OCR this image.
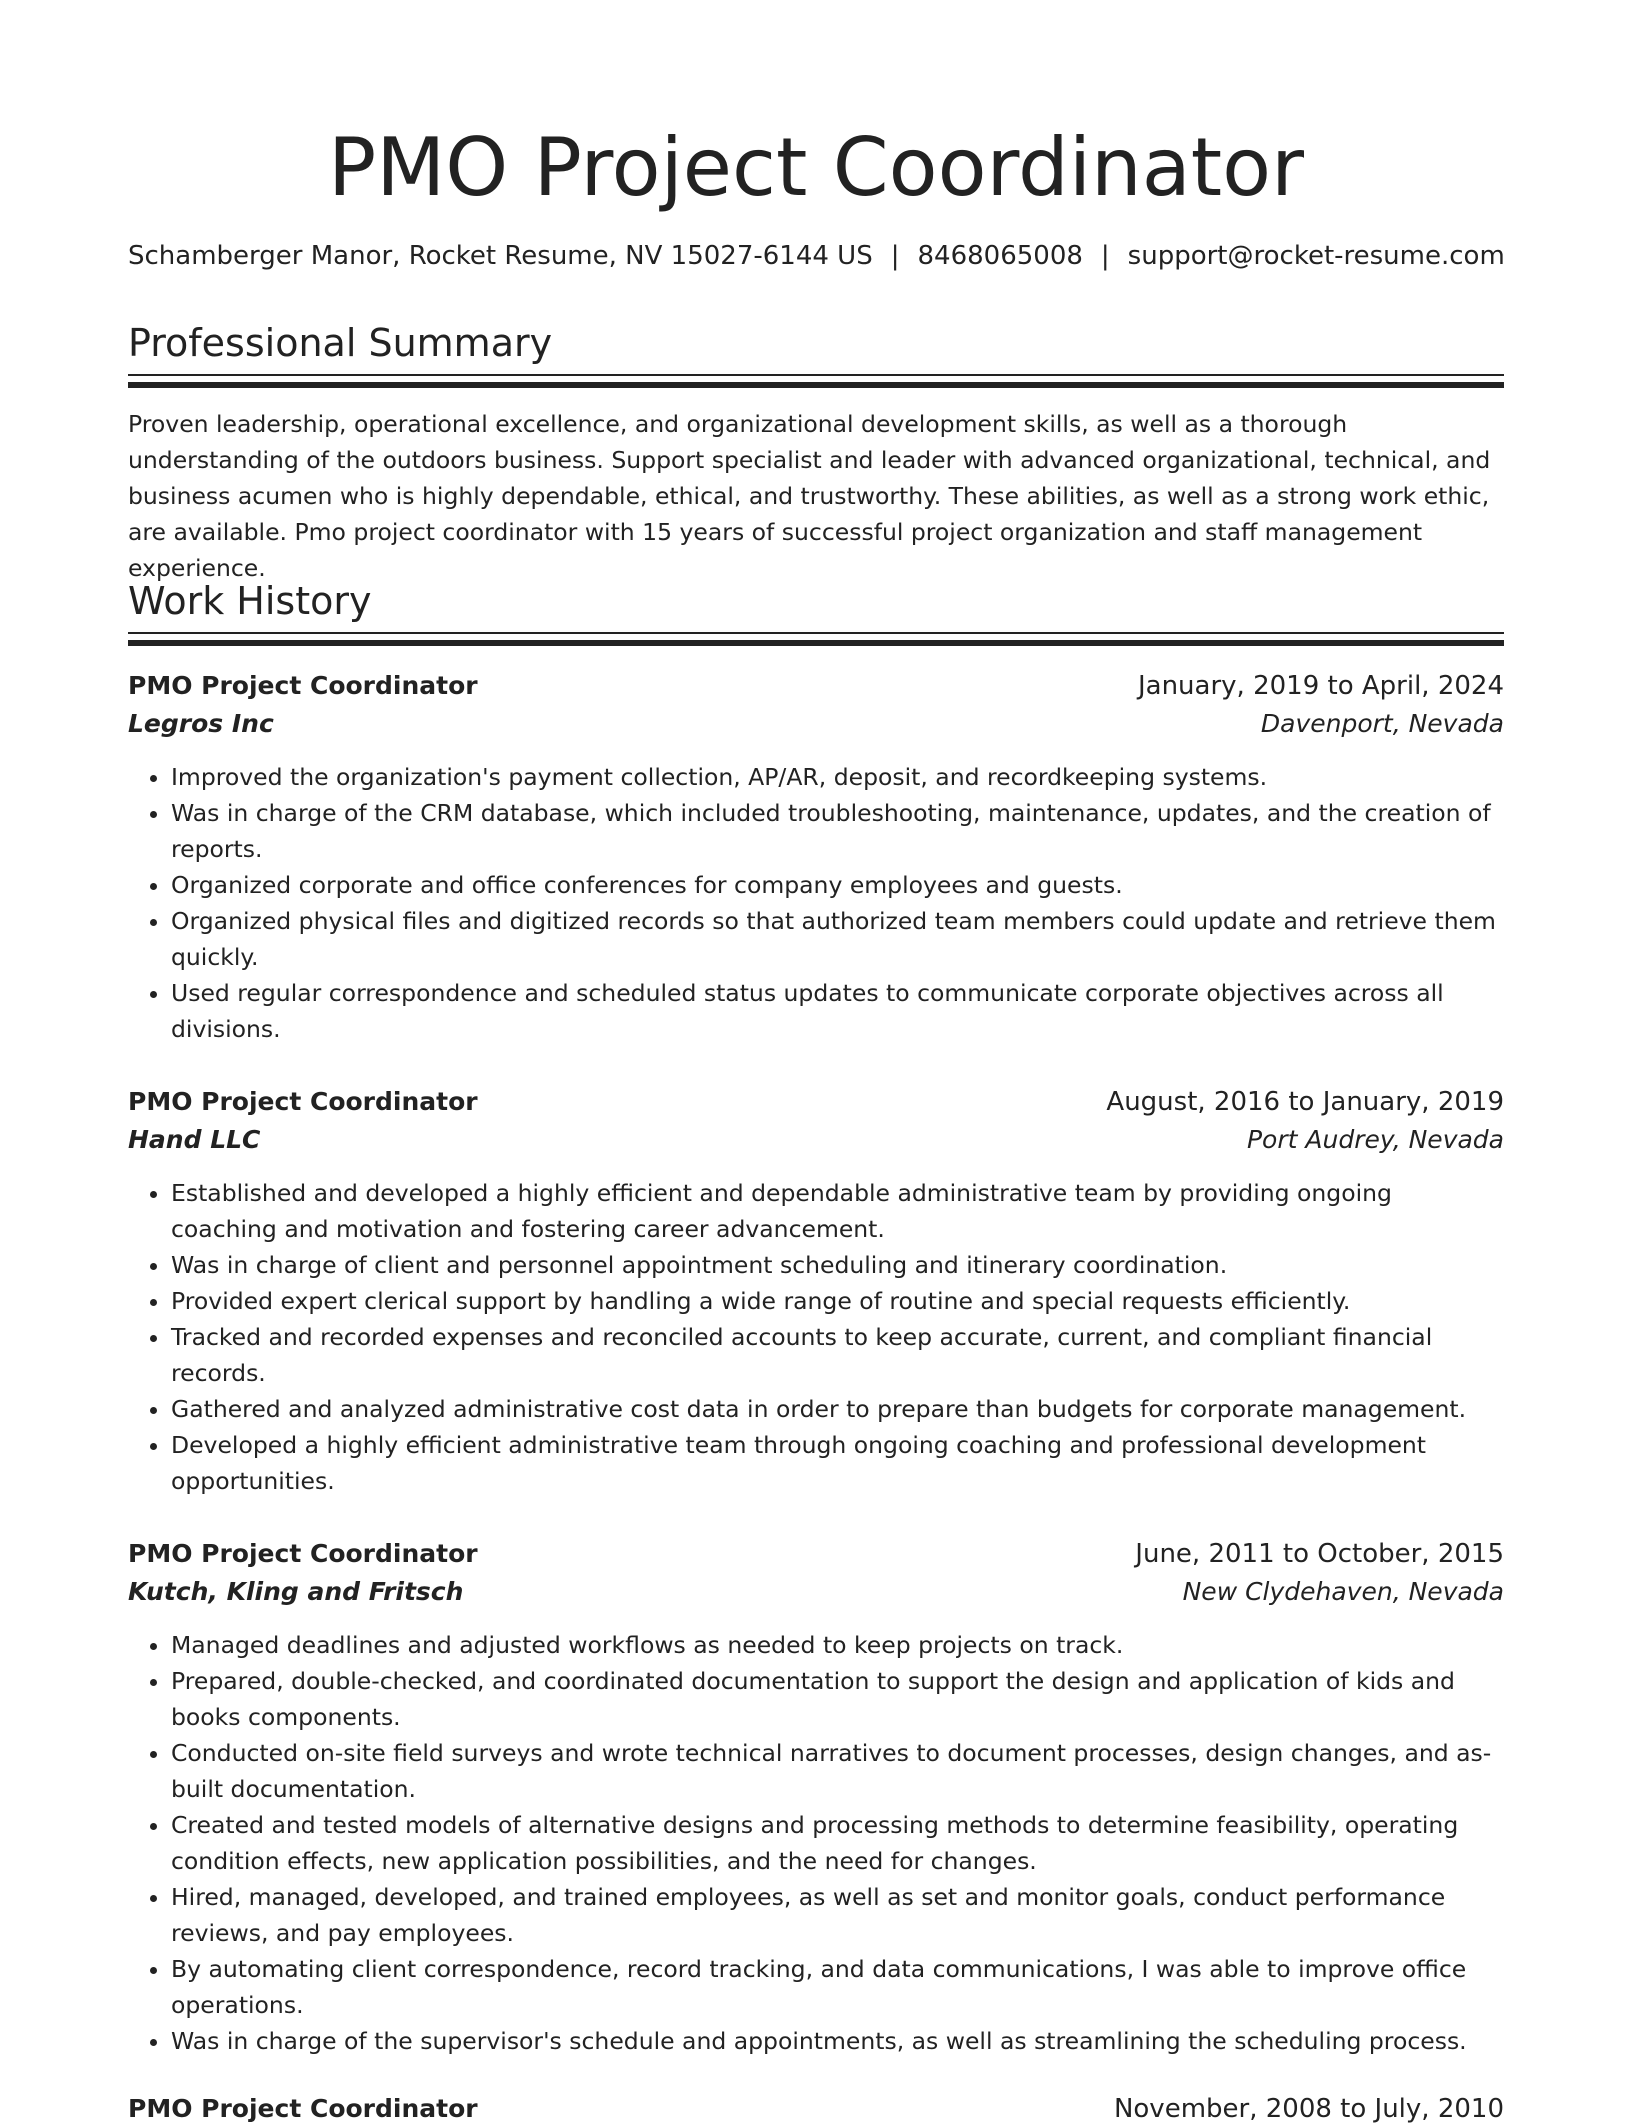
PMO Project Coordinator
Schamberger Manor, Rocket Resume, NV 15027-6144 US | 8468065008 | support@rocket-resume.com
Professional Summary

Proven leadership, operational excellence, and organizational development skills, as well as a thorough understanding of the outdoors business. Support specialist and leader with advanced organizational, technical, and business acumen who is highly dependable, ethical, and trustworthy. These abilities, as well as a strong work ethic, are available. Pmo project coordinator with 15 years of successful project organization and staff management experience.

Work History
PMO Project Coordinator	January, 2019 to April, 2024
Legros Inc	Davenport, Nevada
• Improved the organization's payment collection, AP/AR, deposit, and recordkeeping systems.
• Was in charge of the CRM database, which included troubleshooting, maintenance, updates, and the creation of reports.
• Organized corporate and office conferences for company employees and guests.
• Organized physical files and digitized records so that authorized team members could update and retrieve them quickly.
• Used regular correspondence and scheduled status updates to communicate corporate objectives across all divisions.
PMO Project Coordinator	August, 2016 to January, 2019
Hand LLC	Port Audrey, Nevada
• Established and developed a highly efficient and dependable administrative team by providing ongoing coaching and motivation and fostering career advancement.
• Was in charge of client and personnel appointment scheduling and itinerary coordination.
• Provided expert clerical support by handling a wide range of routine and special requests efficiently.
• Tracked and recorded expenses and reconciled accounts to keep accurate, current, and compliant financial records.
• Gathered and analyzed administrative cost data in order to prepare than budgets for corporate management.
• Developed a highly efficient administrative team through ongoing coaching and professional development opportunities.
PMO Project Coordinator	June, 2011 to October, 2015
Kutch, Kling and Fritsch	New Clydehaven, Nevada
• Managed deadlines and adjusted workflows as needed to keep projects on track.
• Prepared, double-checked, and coordinated documentation to support the design and application of kids and books components.
• Conducted on-site field surveys and wrote technical narratives to document processes, design changes, and as-built documentation.
• Created and tested models of alternative designs and processing methods to determine feasibility, operating condition effects, new application possibilities, and the need for changes.
• Hired, managed, developed, and trained employees, as well as set and monitor goals, conduct performance reviews, and pay employees.
• By automating client correspondence, record tracking, and data communications, I was able to improve office operations.
• Was in charge of the supervisor's schedule and appointments, as well as streamlining the scheduling process.
PMO Project Coordinator	November, 2008 to July, 2010
